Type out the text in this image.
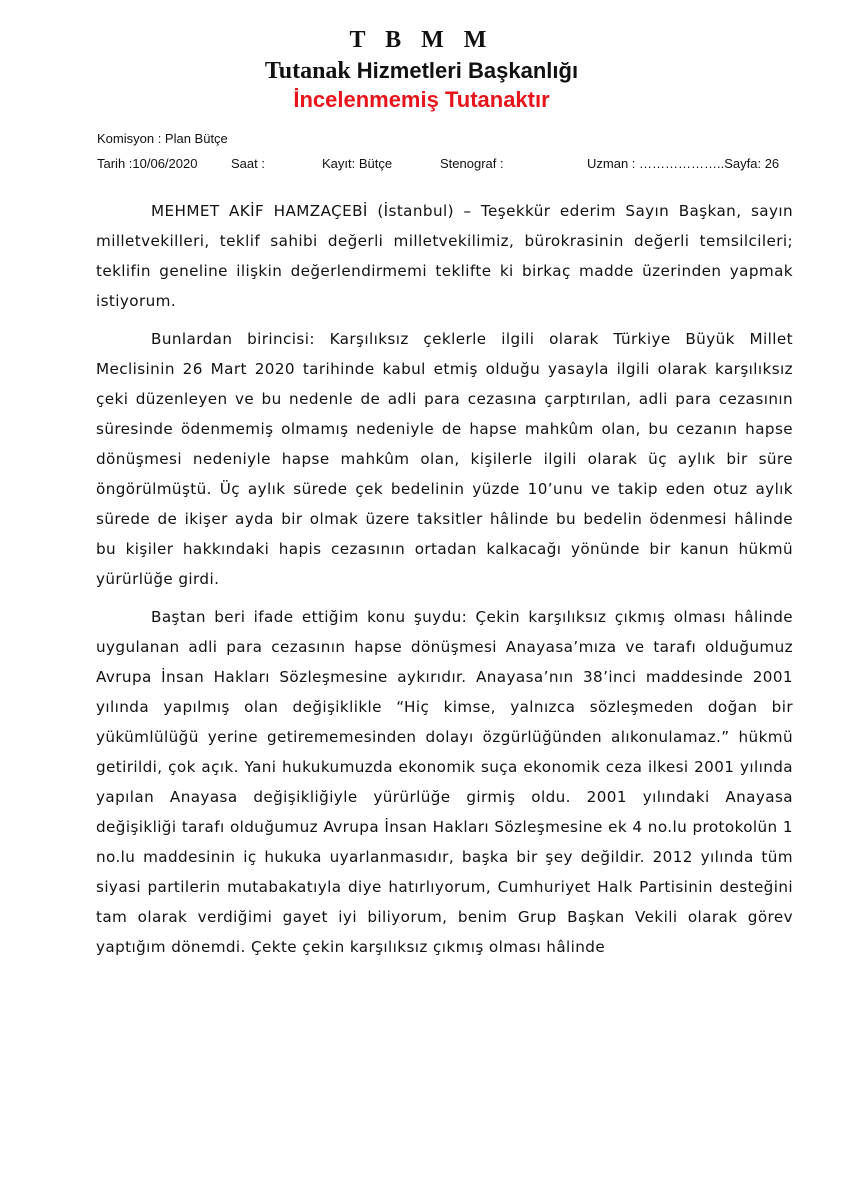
T B M M
Tutanak Hizmetleri Başkanlığı
İncelenmemiş Tutanaktır
Komisyon : Plan Bütçe
Tarih :10/06/2020	Saat :	Kayıt: Bütçe	Stenograf :	Uzman : ………………..Sayfa: 26

MEHMET AKİF HAMZAÇEBİ (İstanbul) – Teşekkür ederim Sayın Başkan, sayın milletvekilleri, teklif sahibi değerli milletvekilimiz, bürokrasinin değerli temsilcileri; teklifin geneline ilişkin değerlendirmemi teklifte ki birkaç madde üzerinden yapmak istiyorum.

Bunlardan birincisi: Karşılıksız çeklerle ilgili olarak Türkiye Büyük Millet Meclisinin 26 Mart 2020 tarihinde kabul etmiş olduğu yasayla ilgili olarak karşılıksız çeki düzenleyen ve bu nedenle de adli para cezasına çarptırılan, adli para cezasının süresinde ödenmemiş olmamış nedeniyle de hapse mahkûm olan, bu cezanın hapse dönüşmesi nedeniyle hapse mahkûm olan, kişilerle ilgili olarak üç aylık bir süre öngörülmüştü. Üç aylık sürede çek bedelinin yüzde 10’unu ve takip eden otuz aylık sürede de ikişer ayda bir olmak üzere taksitler hâlinde bu bedelin ödenmesi hâlinde bu kişiler hakkındaki hapis cezasının ortadan kalkacağı yönünde bir kanun hükmü yürürlüğe girdi.

Baştan beri ifade ettiğim konu şuydu: Çekin karşılıksız çıkmış olması hâlinde uygulanan adli para cezasının hapse dönüşmesi Anayasa’mıza ve tarafı olduğumuz Avrupa İnsan Hakları Sözleşmesine aykırıdır. Anayasa’nın 38’inci maddesinde 2001 yılında yapılmış olan değişiklikle “Hiç kimse, yalnızca sözleşmeden doğan bir yükümlülüğü yerine getirememesinden dolayı özgürlüğünden alıkonulamaz.” hükmü getirildi, çok açık. Yani hukukumuzda ekonomik suça ekonomik ceza ilkesi 2001 yılında yapılan Anayasa değişikliğiyle yürürlüğe girmiş oldu. 2001 yılındaki Anayasa değişikliği tarafı olduğumuz Avrupa İnsan Hakları Sözleşmesine ek 4 no.lu protokolün 1 no.lu maddesinin iç hukuka uyarlanmasıdır, başka bir şey değildir. 2012 yılında tüm siyasi partilerin mutabakatıyla diye hatırlıyorum, Cumhuriyet Halk Partisinin desteğini tam olarak verdiğimi gayet iyi biliyorum, benim Grup Başkan Vekili olarak görev yaptığım dönemdi. Çekte çekin karşılıksız çıkmış olması hâlinde
